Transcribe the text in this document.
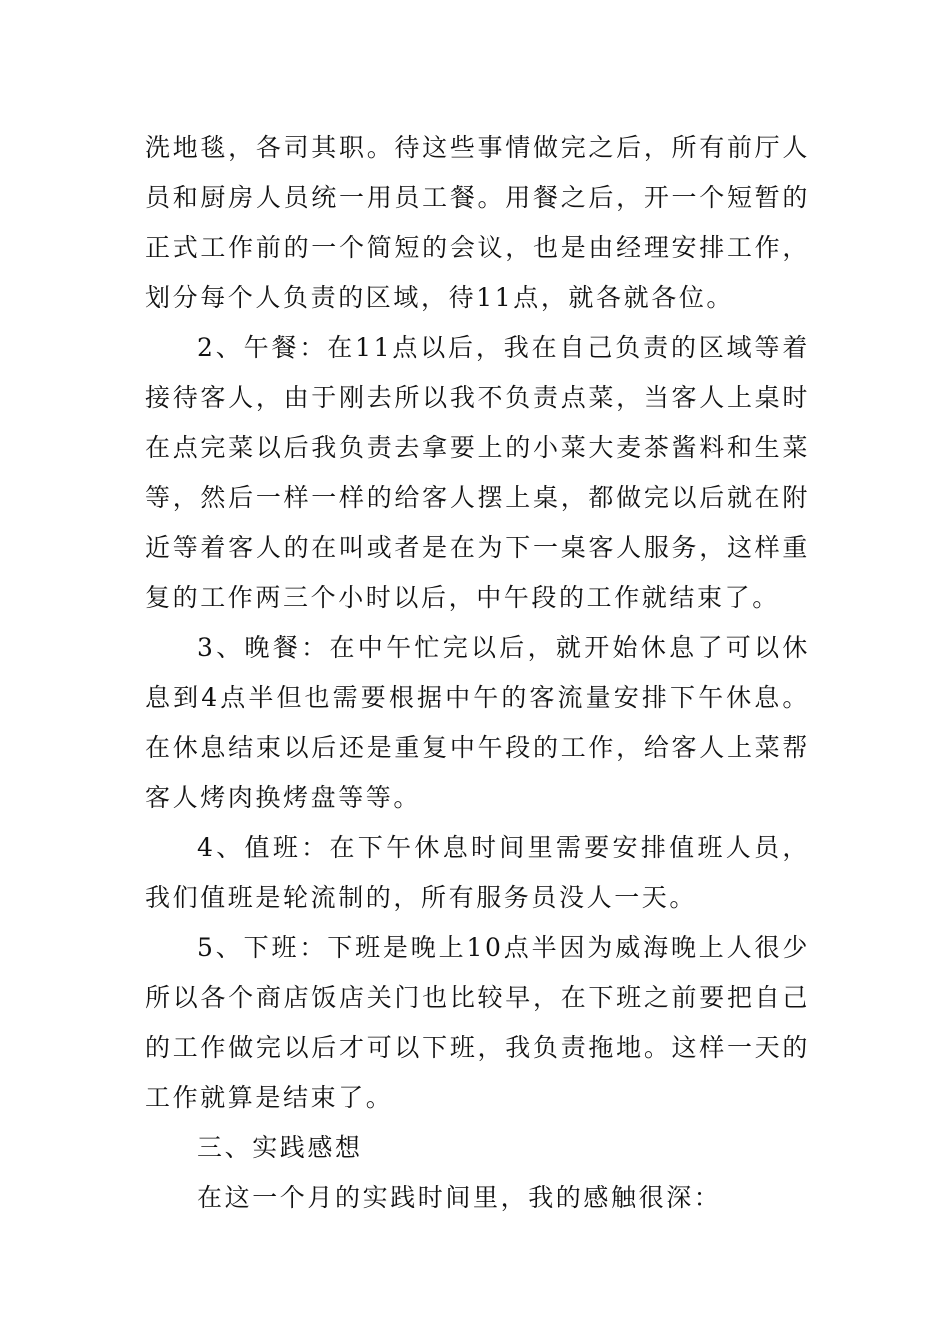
洗地毯，各司其职。待这些事情做完之后，所有前厅人员和厨房人员统一用员工餐。用餐之后，开一个短暂的正式工作前的一个简短的会议，也是由经理安排工作，划分每个人负责的区域，待11点，就各就各位。

2、午餐：在11点以后，我在自己负责的区域等着接待客人，由于刚去所以我不负责点菜，当客人上桌时在点完菜以后我负责去拿要上的小菜大麦茶酱料和生菜等，然后一样一样的给客人摆上桌，都做完以后就在附近等着客人的在叫或者是在为下一桌客人服务，这样重复的工作两三个小时以后，中午段的工作就结束了。

3、晚餐：在中午忙完以后，就开始休息了可以休息到4点半但也需要根据中午的客流量安排下午休息。在休息结束以后还是重复中午段的工作，给客人上菜帮客人烤肉换烤盘等等。

4、值班：在下午休息时间里需要安排值班人员，我们值班是轮流制的，所有服务员没人一天。

5、下班：下班是晚上10点半因为威海晚上人很少所以各个商店饭店关门也比较早，在下班之前要把自己的工作做完以后才可以下班，我负责拖地。这样一天的工作就算是结束了。

三、实践感想

在这一个月的实践时间里，我的感触很深：
